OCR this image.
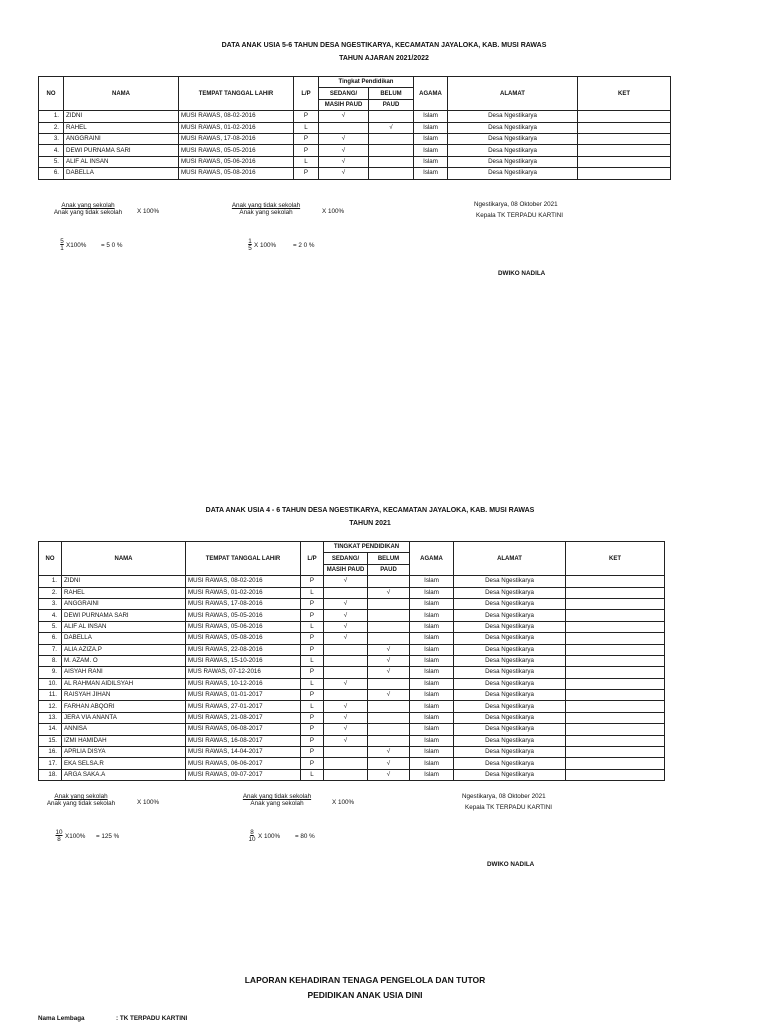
DATA ANAK USIA 5-6 TAHUN DESA NGESTIKARYA, KECAMATAN JAYALOKA, KAB. MUSI RAWAS
TAHUN AJARAN 2021/2022
NO	NAMA	TEMPAT TANGGAL LAHIR	L/P	Tingkat Pendidikan		AGAMA	ALAMAT	KET
				SEDANG/	BELUM			
				MASIH PAUD	PAUD			
1.	ZIDNI	MUSI RAWAS, 08-02-2016	P	√		Islam	Desa Ngestikarya	
2.	RAHEL	MUSI RAWAS, 01-02-2016	L		√	Islam	Desa Ngestikarya	
3.	ANGGRAINI	MUSI RAWAS, 17-08-2016	P	√		Islam	Desa Ngestikarya	
4.	DEWI PURNAMA SARI	MUSI RAWAS, 05-05-2016	P	√		Islam	Desa Ngestikarya	
5.	ALIF AL INSAN	MUSI RAWAS, 05-06-2016	L	√		Islam	Desa Ngestikarya	
6.	DABELLA	MUSI RAWAS, 05-08-2016	P	√		Islam	Desa Ngestikarya	
Anak yang sekolah
Anak yang tidak sekolah	X 100%
Anak yang tidak sekolah
Anak yang sekolah	X 100%
$\frac{5}{1} X100\% = 5$ 0 %	$\frac{1}{5}$ X 100%	= 2 0 %
Ngestikarya, 08 Oktober 2021
Kepala TK TERPADU KARTINI
DWIKO NADILA
DATA ANAK USIA 4 - 6 TAHUN DESA NGESTIKARYA, KECAMATAN JAYALOKA, KAB. MUSI RAWAS
TAHUN 2021
NO	NAMA	TEMPAT TANGGAL LAHIR	L/P	TINGKAT PENDIDIKAN		AGAMA	ALAMAT	KET
				SEDANG/	BELUM			
				MASIH PAUD	PAUD			
1.	ZIDNI	MUSI RAWAS, 08-02-2016	P	√		Islam	Desa Ngestikarya	
2.	RAHEL	MUSI RAWAS, 01-02-2016	L		√	Islam	Desa Ngestikarya	
3.	ANGGRAINI	MUSI RAWAS, 17-08-2016	P	√		Islam	Desa Ngestikarya	
4.	DEWI PURNAMA SARI	MUSI RAWAS, 05-05-2016	P	√		Islam	Desa Ngestikarya	
5.	ALIF AL INSAN	MUSI RAWAS, 05-06-2016	L	√		Islam	Desa Ngestikarya	
6.	DABELLA	MUSI RAWAS, 05-08-2016	P	√		Islam	Desa Ngestikarya	
7.	ALIA AZIZA.P	MUSI RAWAS, 22-08-2016	P		√	Islam	Desa Ngestikarya	
8.	M. AZAM. O	MUSI RAWAS, 15-10-2016	L		√	Islam	Desa Ngestikarya	
9.	AISYAH RANI	MUS RAWAS, 07-12-2016	P		√	Islam	Desa Ngestikarya	
10.	AL RAHMAN AIDILSYAH	MUSI RAWAS, 10-12-2016	L	√		Islam	Desa Ngestikarya	
11.	RAISYAH JIHAN	MUSI RAWAS, 01-01-2017	P		√	Islam	Desa Ngestikarya	
12.	FARHAN ABQORI	MUSI RAWAS, 27-01-2017	L	√		Islam	Desa Ngestikarya	
13.	JERA VIA ANANTA	MUSI RAWAS, 21-08-2017	P	√		Islam	Desa Ngestikarya	
14.	ANNISA	MUSI RAWAS, 06-08-2017	P	√		Islam	Desa Ngestikarya	
15.	IZMI HAMIDAH	MUSI RAWAS, 16-08-2017	P	√		Islam	Desa Ngestikarya	
16.	APRLIA DISYA	MUSI RAWAS, 14-04-2017	P		√	Islam	Desa Ngestikarya	
17.	EKA SELSA.R	MUSI RAWAS, 06-06-2017	P		√	Islam	Desa Ngestikarya	
18.	ARGA SAKA.A	MUSI RAWAS, 09-07-2017	L		√	Islam	Desa Ngestikarya	
Anak yang sekolah
Anak yang tidak sekolah	X 100%
Anak yang tidak sekolah
Anak yang sekolah	X 100%
$\frac{10}{8} X100\% = 125$ %	$\frac{8}{10}$ X 100% = 80 %
Ngestikarya, 08 Oktober 2021
Kepala TK TERPADU KARTINI
DWIKO NADILA
LAPORAN KEHADIRAN TENAGA PENGELOLA DAN TUTOR
PEDIDIKAN ANAK USIA DINI
Nama Lembaga	: TK TERPADU KARTINI
